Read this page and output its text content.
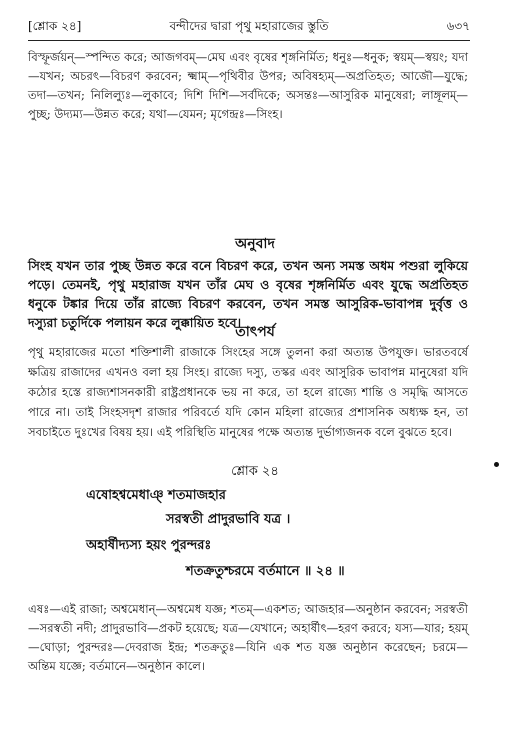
[শ্লোক ২৪]	বন্দীদের দ্বারা পৃথু মহারাজের স্তুতি	৬৩৭
বিস্ফূর্জয়ন্—স্পন্দিত করে; আজগবম্—মেঘ এবং বৃষের শৃঙ্গনির্মিত; ধনুঃ—ধনুক; স্বয়ম্—স্বয়ং; যদা—যখন; অচরৎ—বিচরণ করবেন; ক্ষ্মাম্—পৃথিবীর উপর; অবিষহ্যম্—অপ্রতিহত; আজৌ—যুদ্ধে; তদা—তখন; নিলিল্যুঃ—লুকাবে; দিশি দিশি—সর্বদিকে; অসন্তঃ—আসুরিক মানুষেরা; লাঙ্গূলম্—পুচ্ছ; উদ্যম্য—উন্নত করে; যথা—যেমন; মৃগেন্দ্রঃ—সিংহ।
অনুবাদ
সিংহ যখন তার পুচ্ছ উন্নত করে বনে বিচরণ করে, তখন অন্য সমস্ত অধম পশুরা লুকিয়ে পড়ে। তেমনই, পৃথু মহারাজ যখন তাঁর মেঘ ও বৃষের শৃঙ্গনির্মিত এবং যুদ্ধে অপ্রতিহত ধনুকে টঙ্কার দিয়ে তাঁর রাজ্যে বিচরণ করবেন, তখন সমস্ত আসুরিক-ভাবাপন্ন দুর্বৃত্ত ও দস্যুরা চতুর্দিকে পলায়ন করে লুক্কায়িত হবে।
তাৎপর্য
পৃথু মহারাজের মতো শক্তিশালী রাজাকে সিংহের সঙ্গে তুলনা করা অত্যন্ত উপযুক্ত। ভারতবর্ষে ক্ষত্রিয় রাজাদের এখনও বলা হয় সিংহ। রাজ্যে দস্যু, তস্কর এবং আসুরিক ভাবাপন্ন মানুষেরা যদি কঠোর হস্তে রাজ্যশাসনকারী রাষ্ট্রপ্রধানকে ভয় না করে, তা হলে রাজ্যে শান্তি ও সমৃদ্ধি আসতে পারে না। তাই সিংহসদৃশ রাজার পরিবর্তে যদি কোন মহিলা রাজ্যের প্রশাসনিক অধ্যক্ষ হন, তা সবচাইতে দুঃখের বিষয় হয়। এই পরিস্থিতি মানুষের পক্ষে অত্যন্ত দুর্ভাগ্যজনক বলে বুঝতে হবে।
শ্লোক ২৪
এষোহশ্বমেধাঞ্ শতমাজহার
সরস্বতী প্রাদুরভাবি যত্র ।
অহার্ষীদ্যস্য হয়ং পুরন্দরঃ
শতক্রতুশ্চরমে বর্তমানে ॥ ২৪ ॥
এষঃ—এই রাজা; অশ্বমেধান্—অশ্বমেধ যজ্ঞ; শতম্—একশত; আজহার—অনুষ্ঠান করবেন; সরস্বতী—সরস্বতী নদী; প্রাদুরভাবি—প্রকট হয়েছে; যত্র—যেখানে; অহার্ষীৎ—হরণ করবে; যস্য—যার; হয়ম্—ঘোড়া; পুরন্দরঃ—দেবরাজ ইন্দ্র; শতক্রতুঃ—যিনি এক শত যজ্ঞ অনুষ্ঠান করেছেন; চরমে—অন্তিম যজ্ঞে; বর্তমানে—অনুষ্ঠান কালে।
